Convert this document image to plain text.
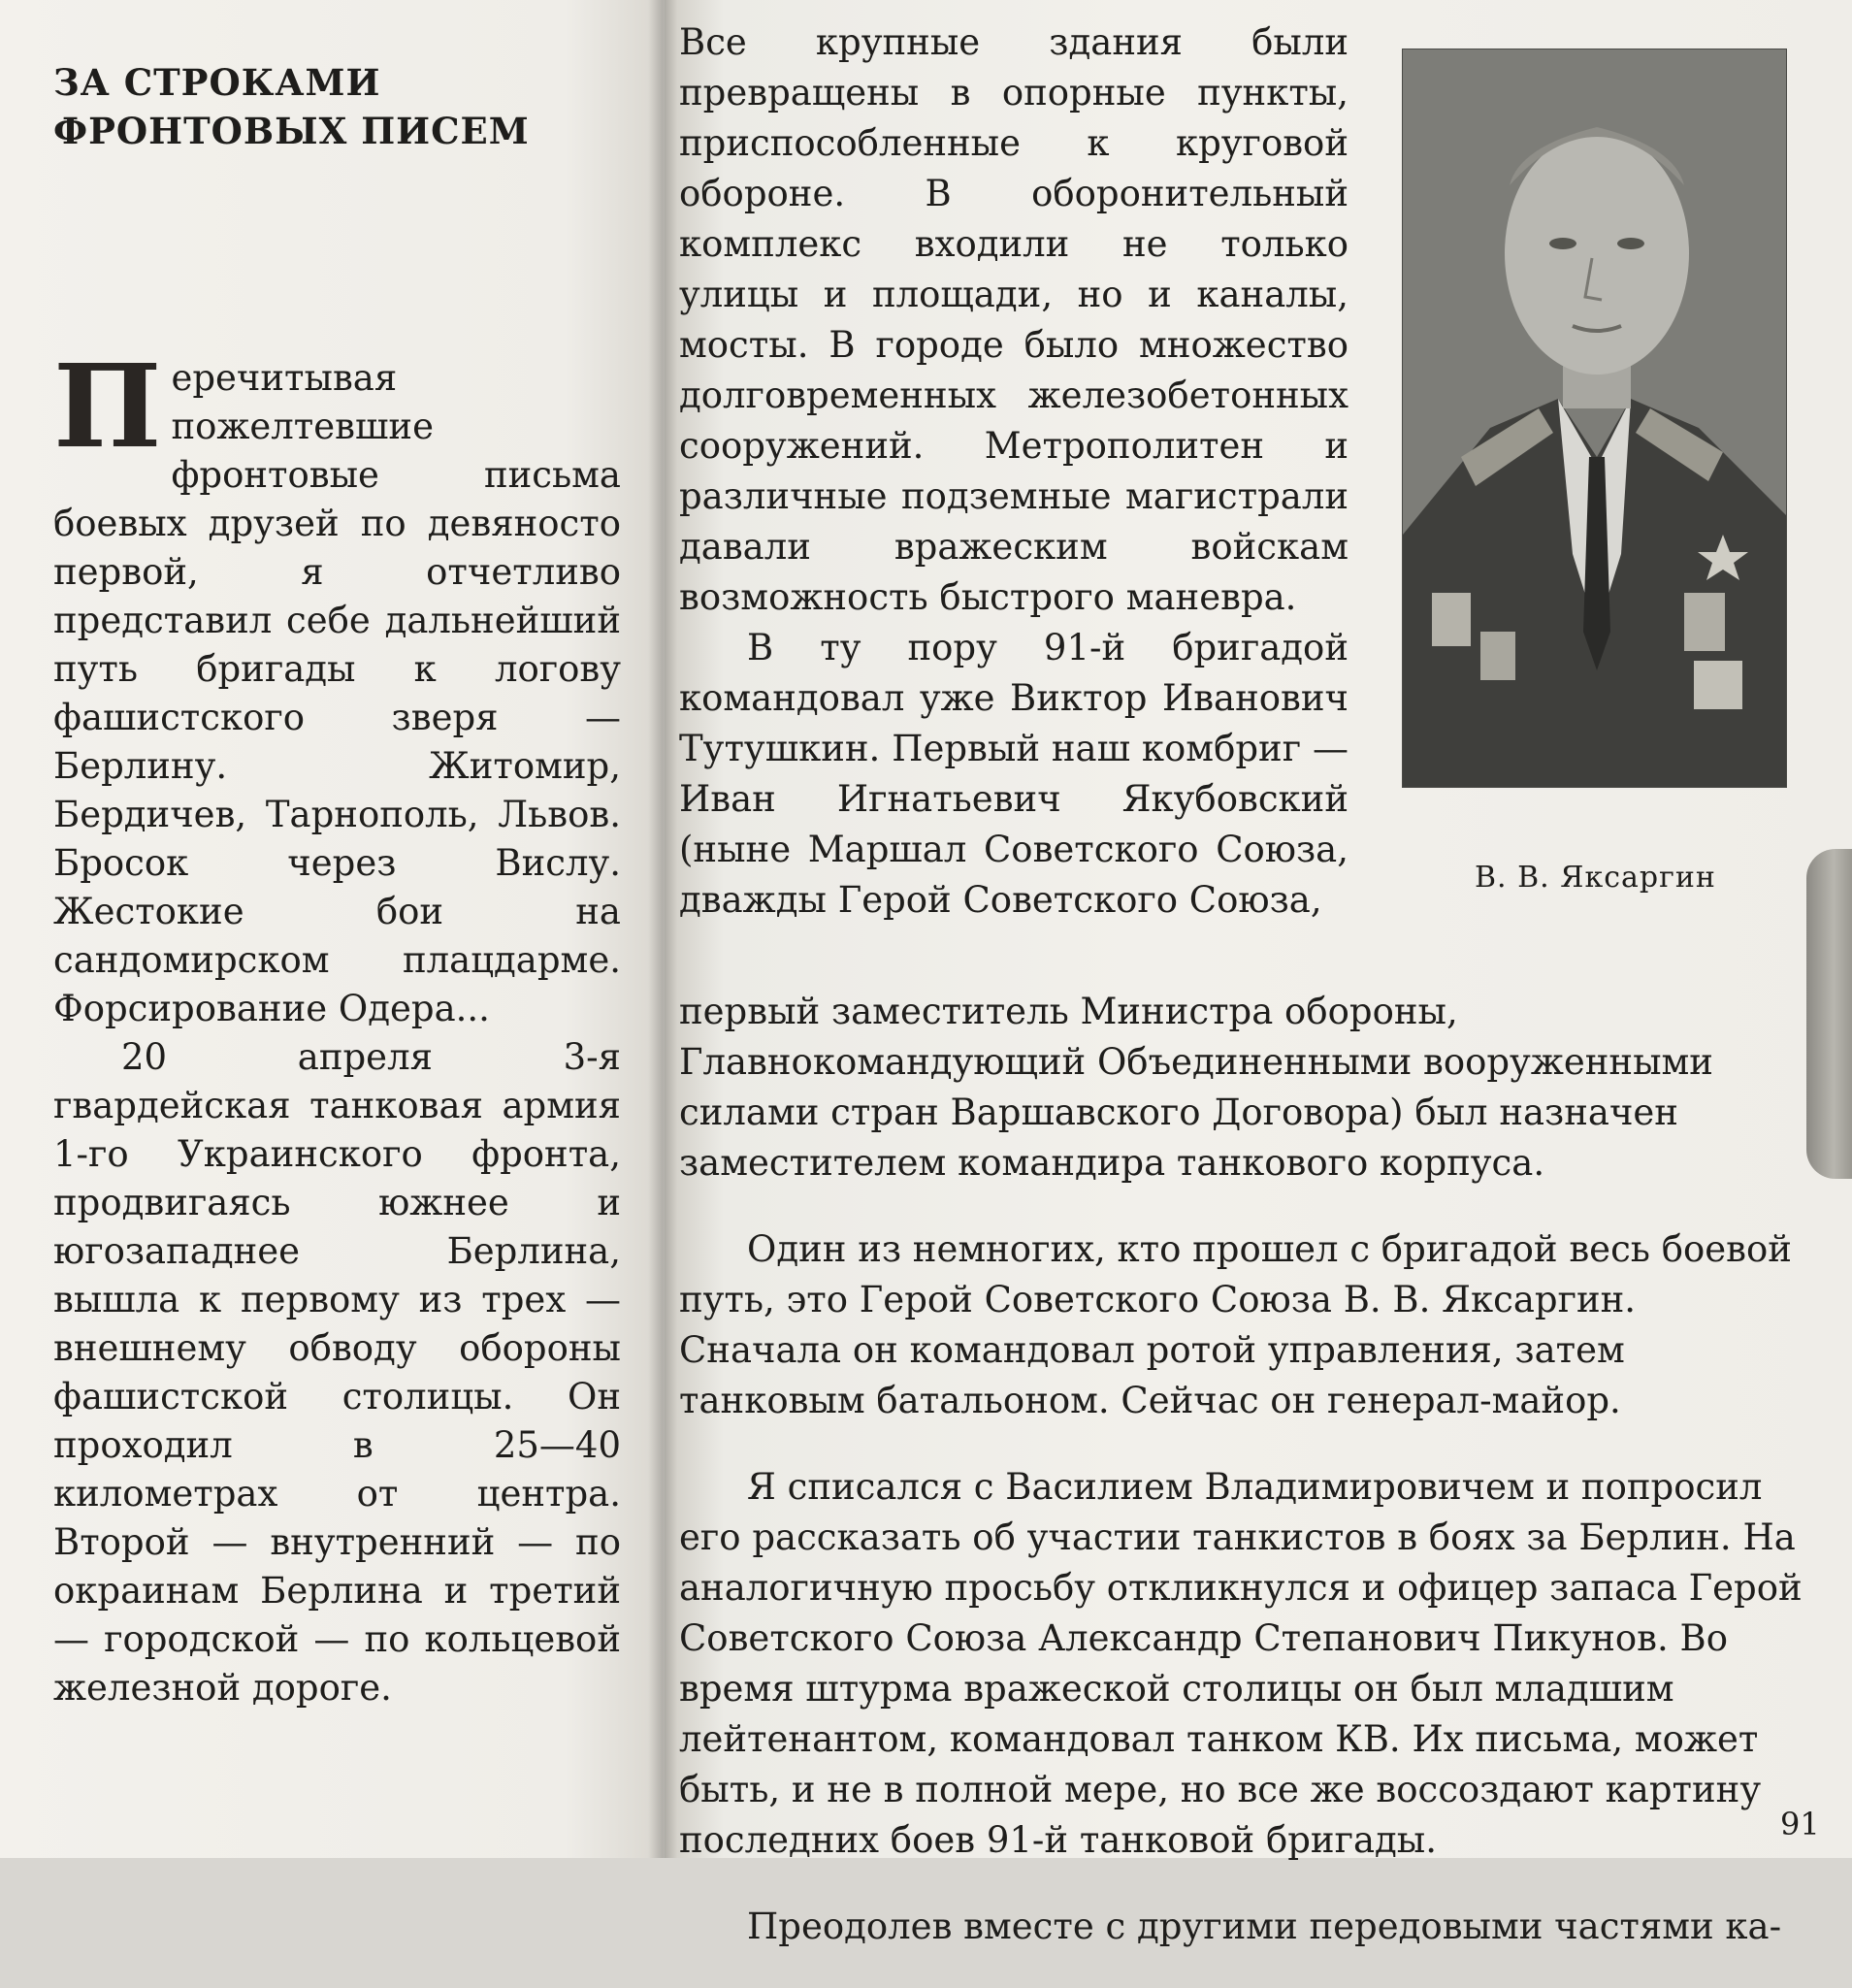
ЗА СТРОКАМИ
ФРОНТОВЫХ ПИСЕМ

Перечитывая пожелтевшие фронтовые письма боевых друзей по девяносто первой, я отчетливо представил себе дальнейший путь бригады к логову фашистского зверя — Берлину. Житомир, Бердичев, Тарнополь, Львов. Бросок через Вислу. Жестокие бои на сандомирском плацдарме. Форсирование Одера...

20 апреля 3-я гвардейская танковая армия 1-го Украинского фронта, продвигаясь южнее и югозападнее Берлина, вышла к первому из трех — внешнему обводу обороны фашистской столицы. Он проходил в 25—40 километрах от центра. Второй — внутренний — по окраинам Берлина и третий — городской — по кольцевой железной дороге.

Все крупные здания были превращены в опорные пункты, приспособленные к круговой обороне. В оборонительный комплекс входили не только улицы и площади, но и каналы, мосты. В городе было множество долговременных железобетонных сооружений. Метрополитен и различные подземные магистрали давали вражеским войскам возможность быстрого маневра.

В ту пору 91-й бригадой командовал уже Виктор Иванович Тутушкин. Первый наш комбриг — Иван Игнатьевич Якубовский (ныне Маршал Советского Союза, дважды Герой Советского Союза,

первый заместитель Министра обороны, Главнокомандующий Объединенными вооруженными силами стран Варшавского Договора) был назначен заместителем командира танкового корпуса.

Один из немногих, кто прошел с бригадой весь боевой путь, это Герой Советского Союза В. В. Яксаргин. Сначала он командовал ротой управления, затем танковым батальоном. Сейчас он генерал-майор.

Я списался с Василием Владимировичем и попросил его рассказать об участии танкистов в боях за Берлин. На аналогичную просьбу откликнулся и офицер запаса Герой Советского Союза Александр Степанович Пикунов. Во время штурма вражеской столицы он был младшим лейтенантом, командовал танком КВ. Их письма, может быть, и не в полной мере, но все же воссоздают картину последних боев 91-й танковой бригады.

Преодолев вместе с другими передовыми частями ка-

В. В. Яксаргин
91
